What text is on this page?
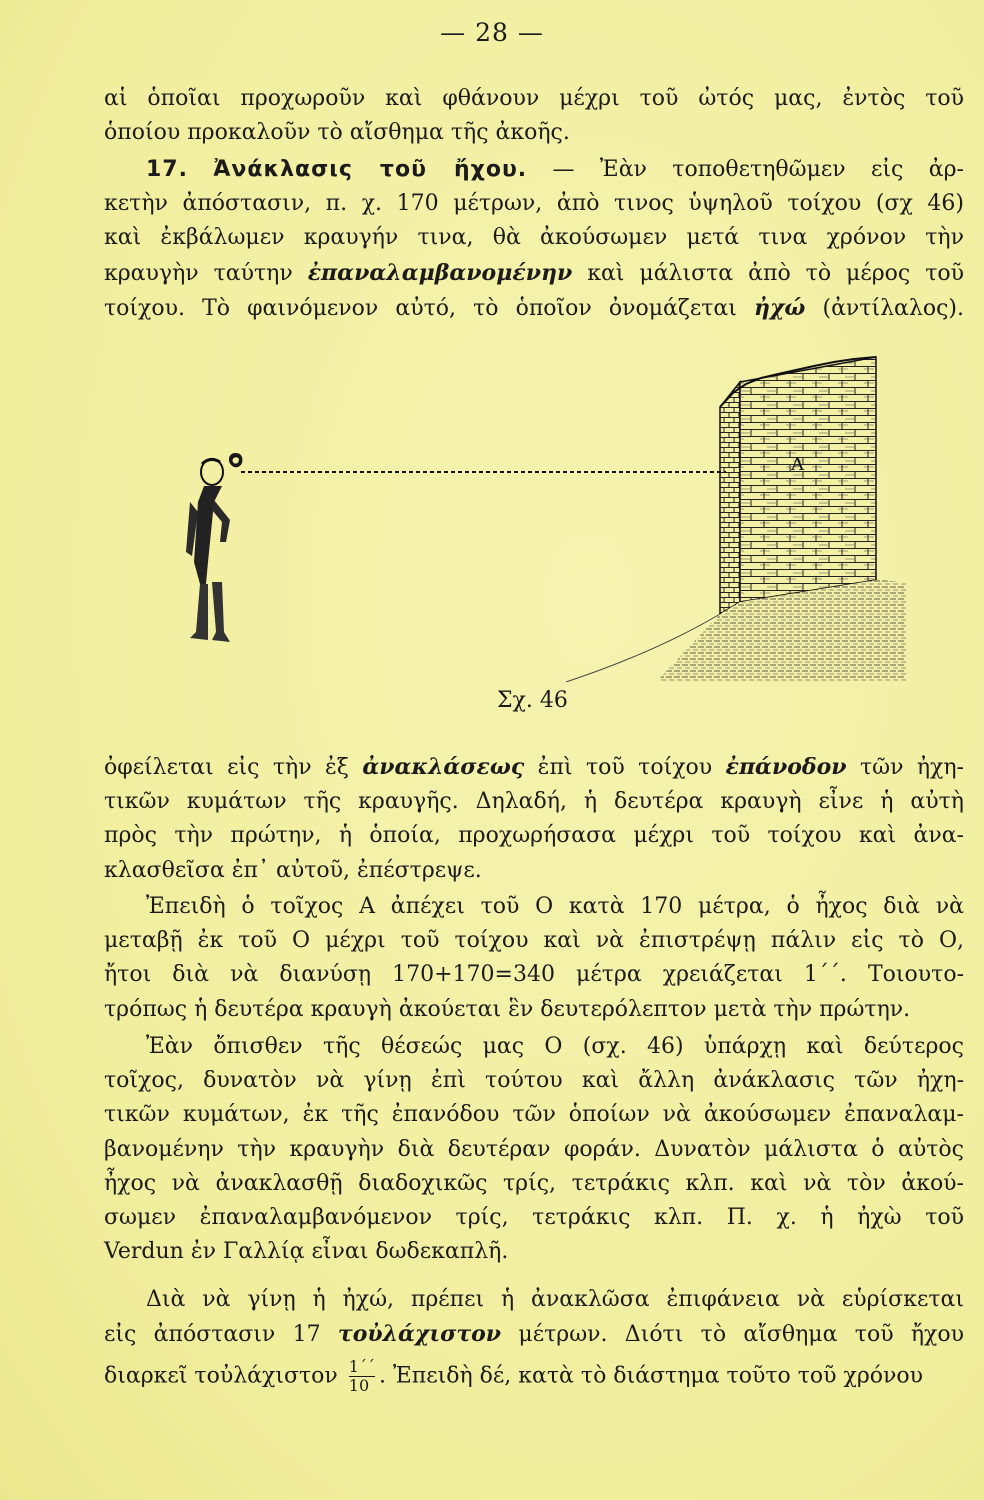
— 28 —
αἱ ὁποῖαι προχωροῦν καὶ φθάνουν μέχρι τοῦ ὠτός μας, ἐντὸς τοῦ
ὁποίου προκαλοῦν τὸ αἴσθημα τῆς ἀκοῆς.
17. Ἀνάκλασις τοῦ ἤχου. — Ἐὰν τοποθετηθῶμεν εἰς ἀρ-
κετὴν ἀπόστασιν, π. χ. 170 μέτρων, ἀπὸ τινος ὑψηλοῦ τοίχου (σχ 46)
καὶ ἐκβάλωμεν κραυγήν τινα, θὰ ἀκούσωμεν μετά τινα χρόνον τὴν
κραυγὴν ταύτην ἐπαναλαμβανομένην καὶ μάλιστα ἀπὸ τὸ μέρος τοῦ
τοίχου. Τὸ φαινόμενον αὐτό, τὸ ὁποῖον ὀνομάζεται ἠχώ (ἀντίλαλος).
Α
Ο
Σχ. 46
ὀφείλεται εἰς τὴν ἐξ ἀνακλάσεως ἐπὶ τοῦ τοίχου ἐπάνοδον τῶν ἠχη-
τικῶν κυμάτων τῆς κραυγῆς. Δηλαδή, ἡ δευτέρα κραυγὴ εἶνε ἡ αὐτὴ
πρὸς τὴν πρώτην, ἡ ὁποία, προχωρήσασα μέχρι τοῦ τοίχου καὶ ἀνα-
κλασθεῖσα ἐπ᾽ αὐτοῦ, ἐπέστρεψε.
Ἐπειδὴ ὁ τοῖχος Α ἀπέχει τοῦ Ο κατὰ 170 μέτρα, ὁ ἦχος διὰ νὰ
μεταβῇ ἐκ τοῦ Ο μέχρι τοῦ τοίχου καὶ νὰ ἐπιστρέψῃ πάλιν εἰς τὸ Ο,
ἤτοι διὰ νὰ διανύσῃ 170+170=340 μέτρα χρειάζεται 1΄΄. Τοιουτο-
τρόπως ἡ δευτέρα κραυγὴ ἀκούεται ἓν δευτερόλεπτον μετὰ τὴν πρώτην.
Ἐὰν ὄπισθεν τῆς θέσεώς μας Ο (σχ. 46) ὑπάρχῃ καὶ δεύτερος
τοῖχος, δυνατὸν νὰ γίνῃ ἐπὶ τούτου καὶ ἄλλη ἀνάκλασις τῶν ἠχη-
τικῶν κυμάτων, ἐκ τῆς ἐπανόδου τῶν ὁποίων νὰ ἀκούσωμεν ἐπαναλαμ-
βανομένην τὴν κραυγὴν διὰ δευτέραν φοράν. Δυνατὸν μάλιστα ὁ αὐτὸς
ἦχος νὰ ἀνακλασθῇ διαδοχικῶς τρίς, τετράκις κλπ. καὶ νὰ τὸν ἀκού-
σωμεν ἐπαναλαμβανόμενον τρίς, τετράκις κλπ. Π. χ. ἡ ἠχὼ τοῦ
Verdun ἐν Γαλλίᾳ εἶναι δωδεκαπλῆ.
Διὰ νὰ γίνῃ ἡ ἠχώ, πρέπει ἡ ἀνακλῶσα ἐπιφάνεια νὰ εὑρίσκεται
εἰς ἀπόστασιν 17 τοὐλάχιστον μέτρων. Διότι τὸ αἴσθημα τοῦ ἤχου
διαρκεῖ τοὐλάχιστον $\frac{1΄΄}{10}$ . Ἐπειδὴ δέ, κατὰ τὸ διάστημα τοῦτο τοῦ χρόνου
